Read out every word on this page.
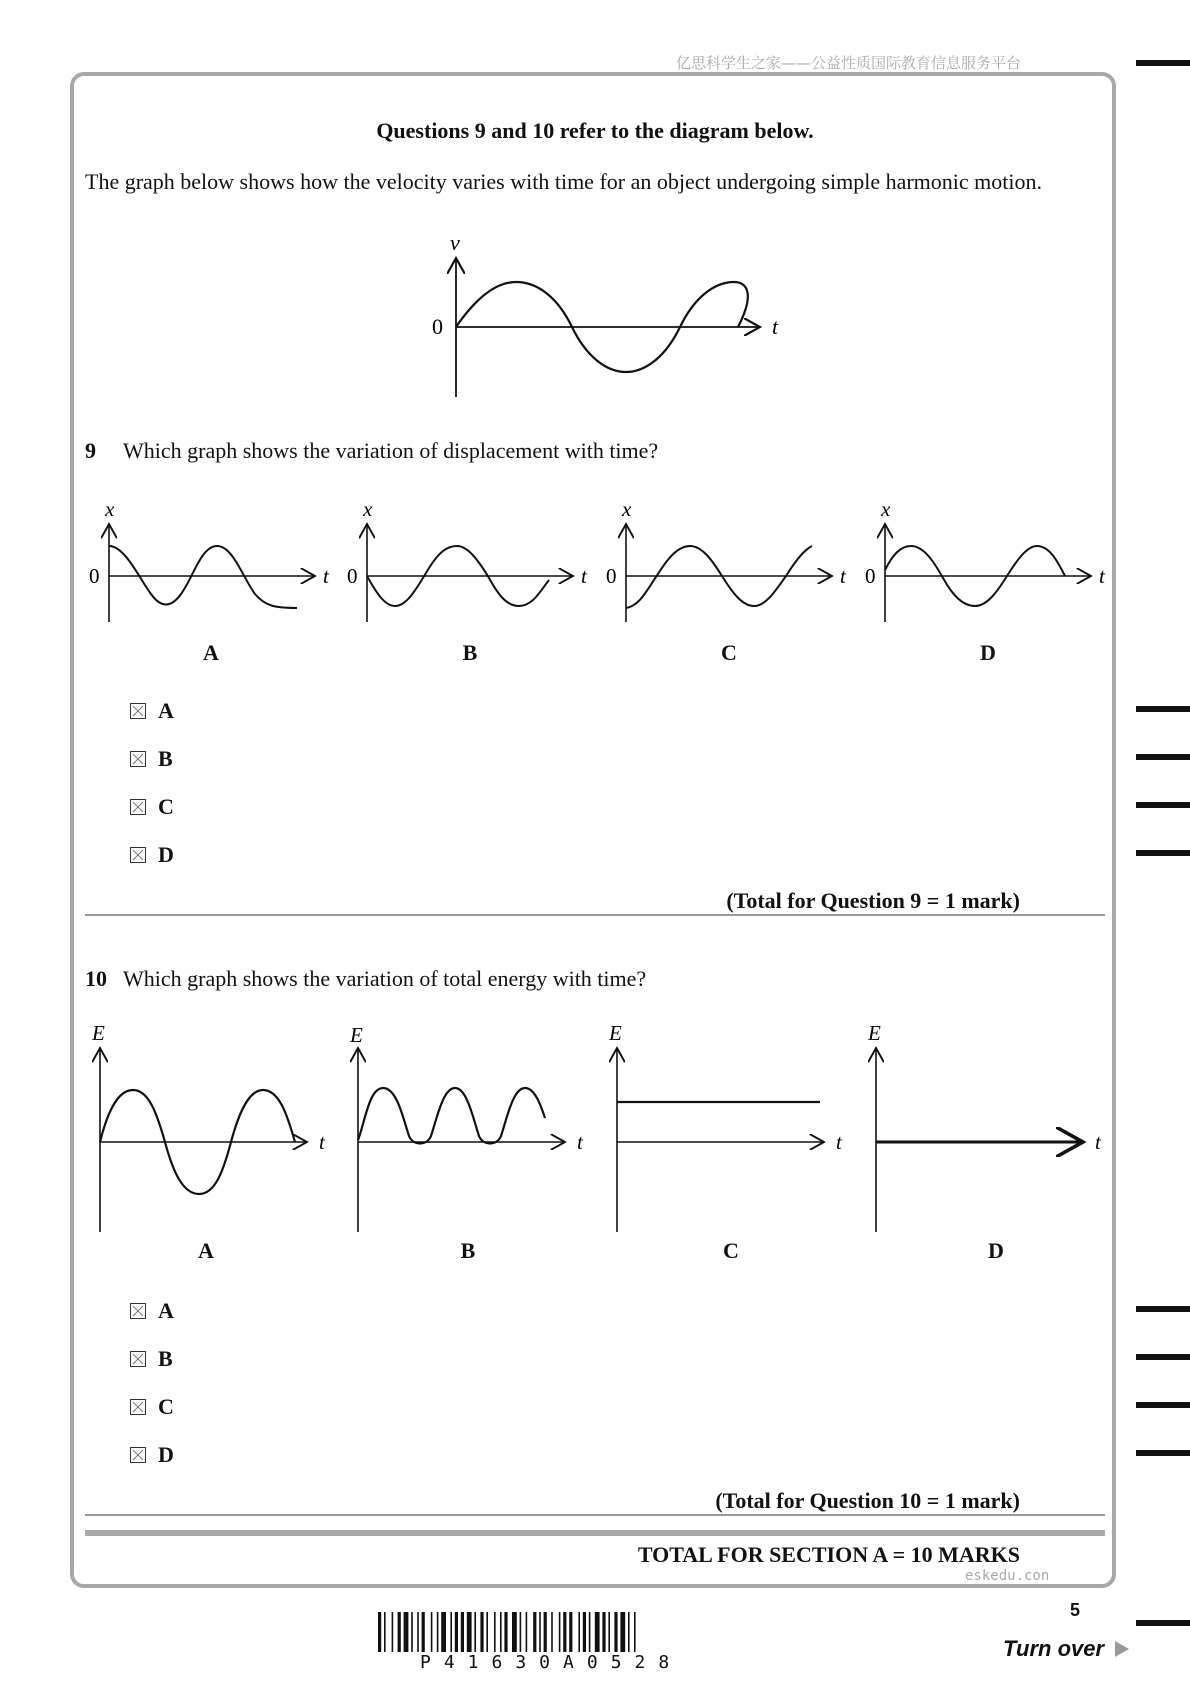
亿思科学生之家——公益性质国际教育信息服务平台
Questions 9 and 10 refer to the diagram below.
The graph below shows how the velocity varies with time for an object undergoing simple harmonic motion.
v
t
0
9 Which graph shows the variation of displacement with time?
x
t
0
x
t
0
x
t
0
x
t
0
A	B	C	D
A
B
C
D
(Total for Question 9 = 1 mark)
10 Which graph shows the variation of total energy with time?
E
t
E
t
E
t
E
t
A	B	C	D
A
B
C
D
(Total for Question 10 = 1 mark)
TOTAL FOR SECTION A = 10 MARKS
eskedu.con
5
P41630A0528
Turn over
